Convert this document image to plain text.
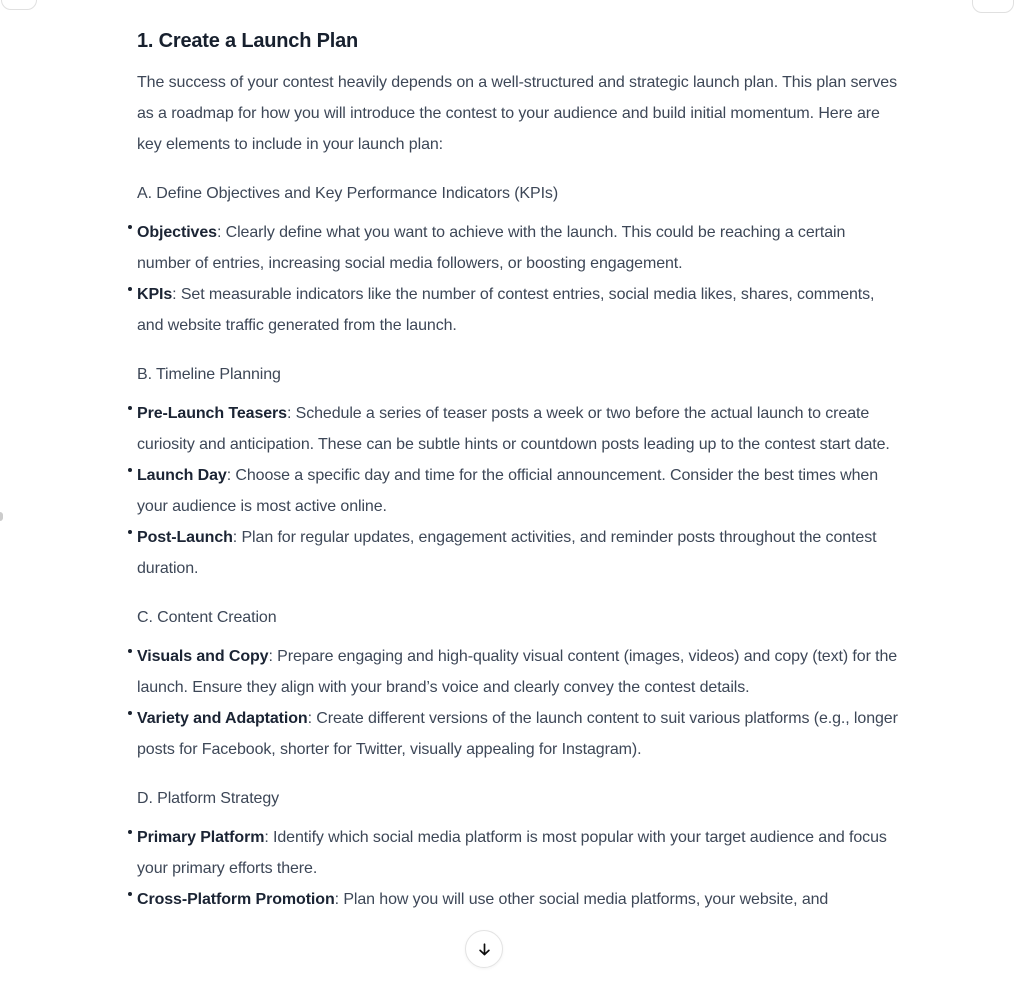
1. Create a Launch Plan

The success of your contest heavily depends on a well-structured and strategic launch plan. This plan serves as a roadmap for how you will introduce the contest to your audience and build initial momentum. Here are key elements to include in your launch plan:

A. Define Objectives and Key Performance Indicators (KPIs)

Objectives: Clearly define what you want to achieve with the launch. This could be reaching a certain number of entries, increasing social media followers, or boosting engagement.
KPIs: Set measurable indicators like the number of contest entries, social media likes, shares, comments, and website traffic generated from the launch.

B. Timeline Planning

Pre-Launch Teasers: Schedule a series of teaser posts a week or two before the actual launch to create curiosity and anticipation. These can be subtle hints or countdown posts leading up to the contest start date.
Launch Day: Choose a specific day and time for the official announcement. Consider the best times when your audience is most active online.
Post-Launch: Plan for regular updates, engagement activities, and reminder posts throughout the contest duration.

C. Content Creation

Visuals and Copy: Prepare engaging and high-quality visual content (images, videos) and copy (text) for the launch. Ensure they align with your brand’s voice and clearly convey the contest details.
Variety and Adaptation: Create different versions of the launch content to suit various platforms (e.g., longer posts for Facebook, shorter for Twitter, visually appealing for Instagram).

D. Platform Strategy

Primary Platform: Identify which social media platform is most popular with your target audience and focus your primary efforts there.
Cross-Platform Promotion: Plan how you will use other social media platforms, your website, and
